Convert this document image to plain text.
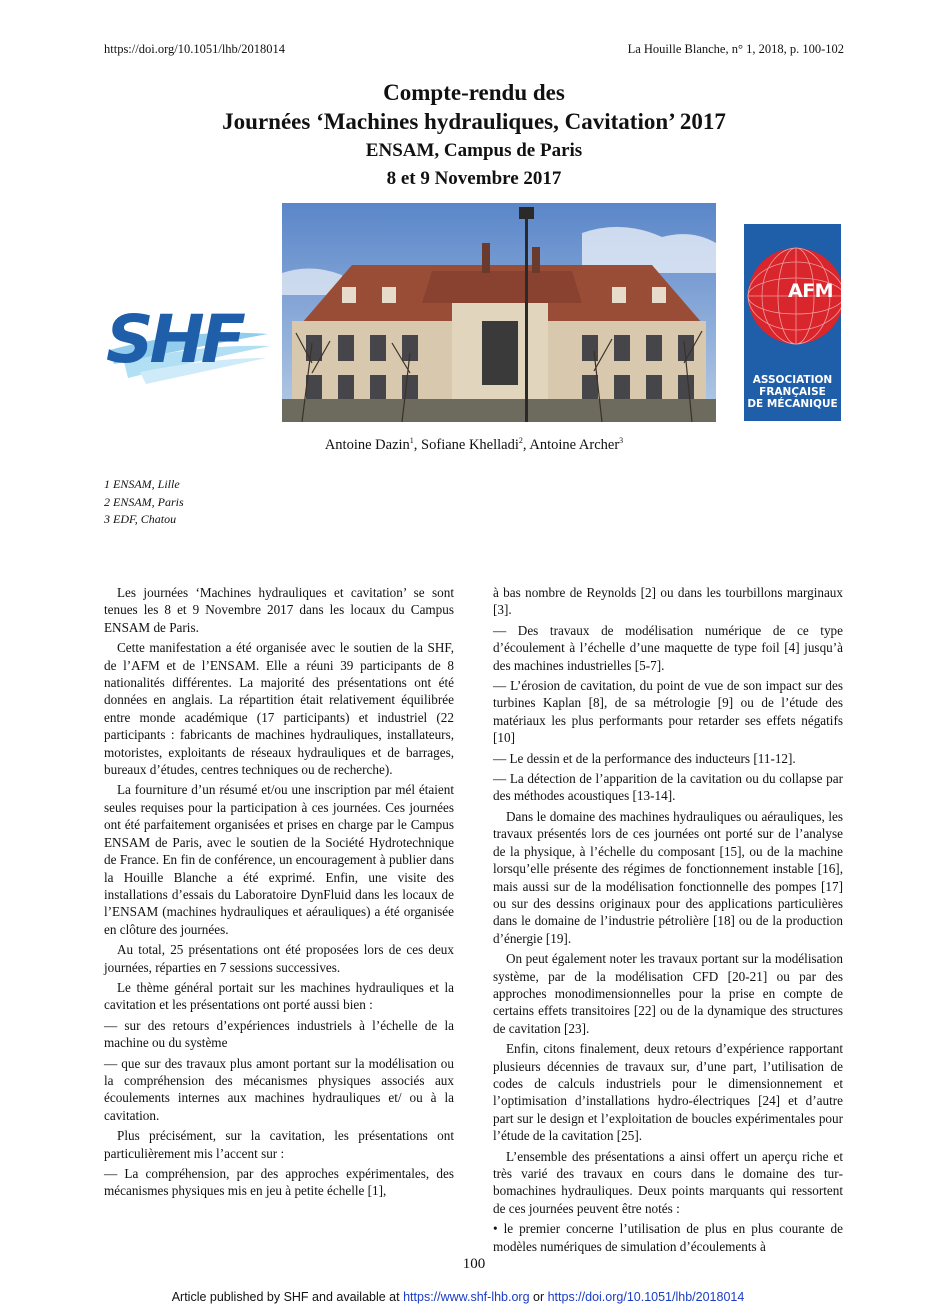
https://doi.org/10.1051/lhb/2018014	La Houille Blanche, n° 1, 2018, p. 100-102
Compte-rendu des
Journées ‘Machines hydrauliques, Cavitation’ 2017
ENSAM, Campus de Paris
8 et 9 Novembre 2017
SHF
AFM
ASSOCIATION
FRANÇAISE
DE MÉCANIQUE
Antoine Dazin$^1$, Sofiane Khelladi$^2$, Antoine Archer$^3$
1 ENSAM, Lille
2 ENSAM, Paris
3 EDF, Chatou

Les journées ‘Machines hydrauliques et cavitation’ se sont tenues les 8 et 9 Novembre 2017 dans les locaux du Campus ENSAM de Paris.

Cette manifestation a été organisée avec le soutien de la SHF, de l’AFM et de l’ENSAM. Elle a réuni 39 participants de 8 nationalités différentes. La majorité des présentations ont été données en anglais. La répartition était relativement équilibrée entre monde académique (17 participants) et industriel (22 participants : fabricants de machines hydrauliques, installateurs, motoristes, exploitants de réseaux hydrauliques et de barrages, bureaux d’études, centres techniques ou de recherche).

La fourniture d’un résumé et/ou une inscription par mél étaient seules requises pour la participation à ces journées. Ces journées ont été parfaitement organisées et prises en charge par le Campus ENSAM de Paris, avec le soutien de la Société Hydrotechnique de France. En fin de conférence, un encouragement à publier dans la Houille Blanche a été exprimé. Enfin, une visite des installations d’essais du Laboratoire DynFluid dans les locaux de l’ENSAM (machines hydrauliques et aérauliques) a été organisée en clôture des journées.

Au total, 25 présentations ont été proposées lors de ces deux journées, réparties en 7 sessions successives.

Le thème général portait sur les machines hydrauliques et la cavitation et les présentations ont porté aussi bien :

— sur des retours d’expériences industriels à l’échelle de la machine ou du système

— que sur des travaux plus amont portant sur la modélisation ou la compréhension des mécanismes physiques associés aux écoulements internes aux machines hydrauliques et/ ou à la cavitation.

Plus précisément, sur la cavitation, les présentations ont particulièrement mis l’accent sur :

— La compréhension, par des approches expérimentales, des mécanismes physiques mis en jeu à petite échelle [1],

à bas nombre de Reynolds [2] ou dans les tourbillons marginaux [3].

— Des travaux de modélisation numérique de ce type d’écoulement à l’échelle d’une maquette de type foil [4] jusqu’à des machines industrielles [5-7].

— L’érosion de cavitation, du point de vue de son impact sur des turbines Kaplan [8], de sa métrologie [9] ou de l’étude des matériaux les plus performants pour retarder ses effets négatifs [10]

— Le dessin et de la performance des inducteurs [11-12].

— La détection de l’apparition de la cavitation ou du collapse par des méthodes acoustiques [13-14].

Dans le domaine des machines hydrauliques ou aérauliques, les travaux présentés lors de ces journées ont porté sur de l’analyse de la physique, à l’échelle du composant [15], ou de la machine lorsqu’elle présente des régimes de fonctionnement instable [16], mais aussi sur de la modélisation fonctionnelle des pompes [17] ou sur des dessins originaux pour des applications particulières dans le domaine de l’industrie pétrolière [18] ou de la production d’énergie [19].

On peut également noter les travaux portant sur la modélisation système, par de la modélisation CFD [20-21] ou par des approches monodimensionnelles pour la prise en compte de certains effets transitoires [22] ou de la dynamique des structures de cavitation [23].

Enfin, citons finalement, deux retours d’expérience rapportant plusieurs décennies de travaux sur, d’une part, l’utilisation de codes de calculs industriels pour le dimensionnement et l’optimisation d’installations hydro-électriques [24] et d’autre part sur le design et l’exploitation de boucles expérimentales pour l’étude de la cavitation [25].

L’ensemble des présentations a ainsi offert un aperçu riche et très varié des travaux en cours dans le domaine des turbomachines hydrauliques. Deux points marquants qui ressortent de ces journées peuvent être notés :

• le premier concerne l’utilisation de plus en plus courante de modèles numériques de simulation d’écoulements à

100
Article published by SHF and available at https://www.shf-lhb.org or https://doi.org/10.1051/lhb/2018014
